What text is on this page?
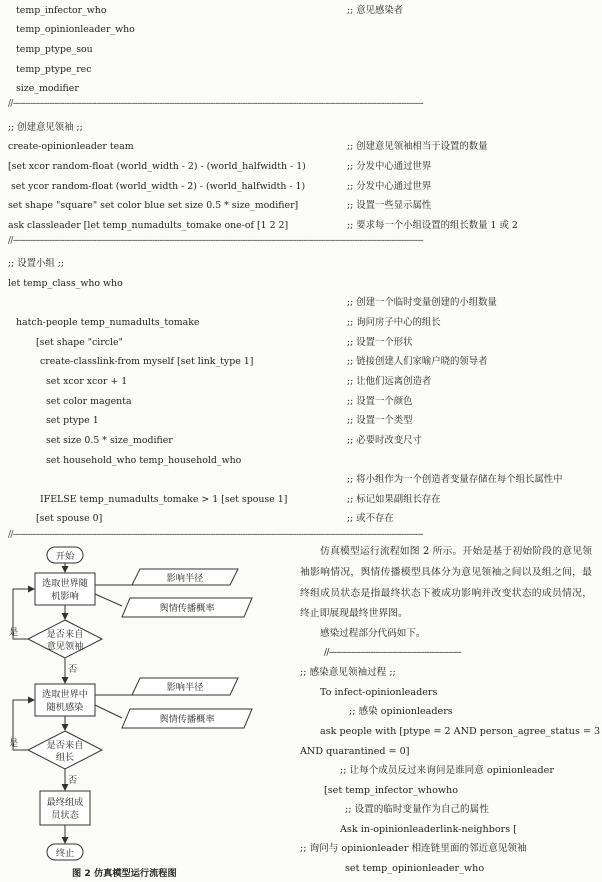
temp_infector_who	;; 意见感染者
temp_opinionleader_who
temp_ptype_sou
temp_ptype_rec
size_modifier
//------------------------------------------------------------------------------------------------------------------------------------------------------------------------
;; 创建意见领袖 ;;
create-opinionleader team	;; 创建意见领袖相当于设置的数量
[set xcor random-float (world_width - 2) - (world_halfwidth - 1)	;; 分发中心通过世界
set ycor random-float (world_width - 2) - (world_halfwidth - 1)	;; 分发中心通过世界
set shape "square" set color blue set size 0.5 * size_modifier]	;; 设置一些显示属性
ask classleader [let temp_numadults_tomake one-of [1 2 2]	;; 要求每一个小组设置的组长数量 1 或 2
//------------------------------------------------------------------------------------------------------------------------------------------------------------------------
;; 设置小组 ;;
let temp_class_who who
;; 创建一个临时变量创建的小组数量
hatch-people temp_numadults_tomake	;; 询问房子中心的组长
[set shape "circle"	;; 设置一个形状
create-classlink-from myself [set link_type 1]	;; 链接创建人们家喻户晓的领导者
set xcor xcor + 1	;; 让他们远离创造者
set color magenta	;; 设置一个颜色
set ptype 1	;; 设置一个类型
set size 0.5 * size_modifier	;; 必要时改变尺寸
set household_who temp_household_who
;; 将小组作为一个创造者变量存储在每个组长属性中
IFELSE temp_numadults_tomake > 1 [set spouse 1]	;; 标记如果副组长存在
[set spouse 0]	;; 或不存在
//------------------------------------------------------------------------------------------------------------------------------------------------------------------------
仿真模型运行流程如图 2 所示。开始是基于初始阶段的意见领袖影响情况，舆情传播模型具体分为意见领袖之间以及组之间，最终组成员状态是指最终状态下被成功影响并改变状态的成员情况，终止即展现最终世界图。
感染过程部分代码如下。
//------------------------------------------------------
;; 感染意见领袖过程 ;;
To infect-opinionleaders
;; 感染 opinionleaders
ask people with [ptype = 2 AND person_agree_status = 3
AND quarantined = 0]
;; 让每个成员反过来询问是谁同意 opinionleader
[set temp_infector_whowho
;; 设置的临时变量作为自己的属性
Ask in-opinionleaderlink-neighbors [
;; 询问与 opinionleader 相连链里面的邻近意见领袖
set temp_opinionleader_who
开始
选取世界随
机影响
影响半径
舆情传播概率
是否来自
意见领袖
是
否
选取世界中
随机感染
影响半径
舆情传播概率
是否来自
组长
是
否
最终组成
员状态
终止
图 2 仿真模型运行流程图
